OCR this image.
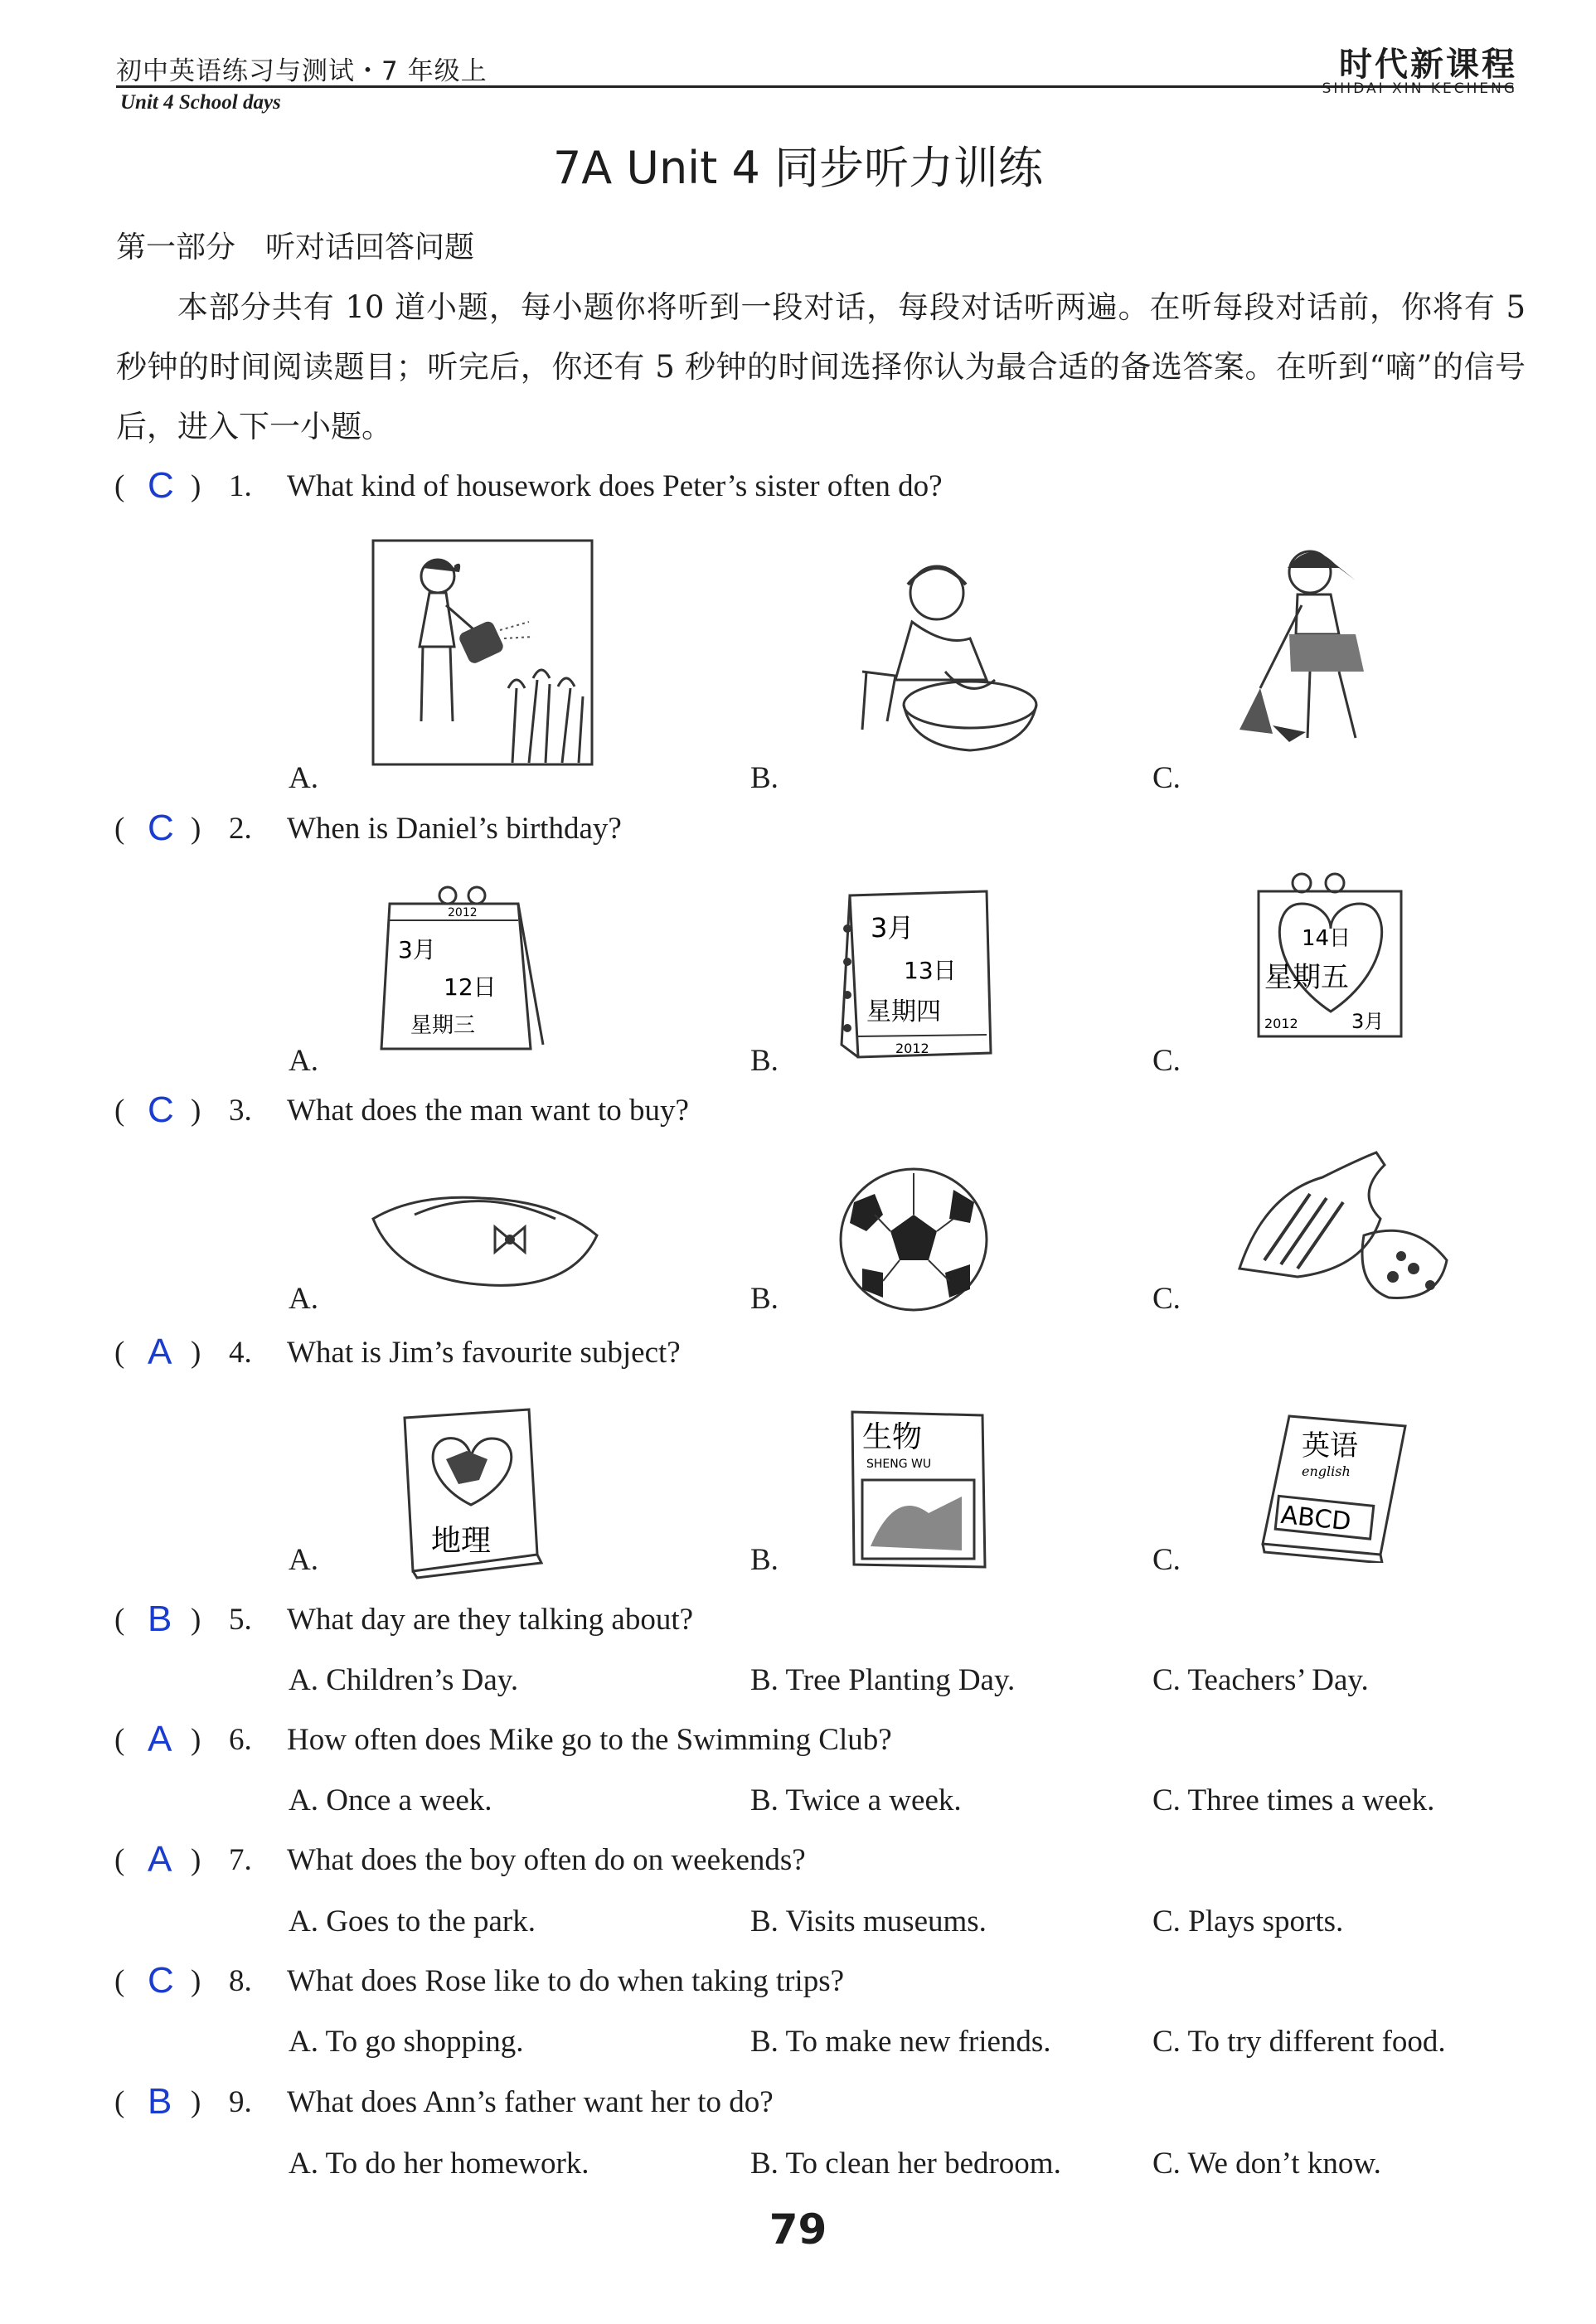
初中英语练习与测试・7 年级上
Unit 4 School days
时代新课程
SHIDAI XIN KECHENG
7A Unit 4 同步听力训练
第一部分　听对话回答问题
本部分共有 10 道小题，每小题你将听到一段对话，每段对话听两遍。在听每段对话前，你将有 5 秒钟的时间阅读题目；听完后，你还有 5 秒钟的时间选择你认为最合适的备选答案。在听到“嘀”的信号后，进入下一小题。
( C ) 1. What kind of housework does Peter’s sister often do?
A.	B.	C.
( C ) 2. When is Daniel’s birthday?
A.	B.	C.
( C ) 3. What does the man want to buy?
A.	B.	C.
( A ) 4. What is Jim’s favourite subject?
A.	B.	C.
( B ) 5. What day are they talking about?
A. Children’s Day.	B. Tree Planting Day.	C. Teachers’ Day.
( A ) 6. How often does Mike go to the Swimming Club?
A. Once a week.	B. Twice a week.	C. Three times a week.
( A ) 7. What does the boy often do on weekends?
A. Goes to the park.	B. Visits museums.	C. Plays sports.
( C ) 8. What does Rose like to do when taking trips?
A. To go shopping.	B. To make new friends.	C. To try different food.
( B ) 9. What does Ann’s father want her to do?
A. To do her homework.	B. To clean her bedroom.	C. We don’t know.
2012
3月
12日
星期三
3月
13日
星期四
2012
14日
星期五
2012	3月
地理
生物
SHENG WU
英语
english
ABCD
79
